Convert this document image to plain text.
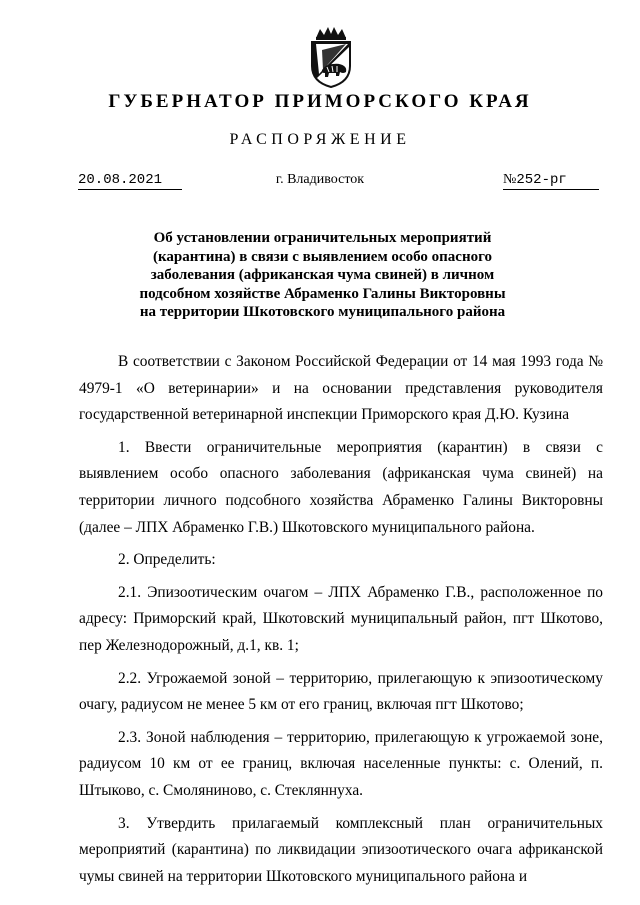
ГУБЕРНАТОР ПРИМОРСКОГО КРАЯ
РАСПОРЯЖЕНИЕ
20.08.2021	г. Владивосток	№252-рг
Об установлении ограничительных мероприятий (карантина) в связи с выявлением особо опасного заболевания (африканская чума свиней) в личном подсобном хозяйстве Абраменко Галины Викторовны на территории Шкотовского муниципального района

В соответствии с Законом Российской Федерации от 14 мая 1993 года № 4979-1 «О ветеринарии» и на основании представления руководителя государственной ветеринарной инспекции Приморского края Д.Ю. Кузина

1. Ввести ограничительные мероприятия (карантин) в связи с выявлением особо опасного заболевания (африканская чума свиней) на территории личного подсобного хозяйства Абраменко Галины Викторовны (далее – ЛПХ Абраменко Г.В.) Шкотовского муниципального района.

2. Определить:

2.1. Эпизоотическим очагом – ЛПХ Абраменко Г.В., расположенное по адресу: Приморский край, Шкотовский муниципальный район, пгт Шкотово, пер Железнодорожный, д.1, кв. 1;

2.2. Угрожаемой зоной – территорию, прилегающую к эпизоотическому очагу, радиусом не менее 5 км от его границ, включая пгт Шкотово;

2.3. Зоной наблюдения – территорию, прилегающую к угрожаемой зоне, радиусом 10 км от ее границ, включая населенные пункты: с. Олений, п. Штыково, с. Смоляниново, с. Стекляннуха.

3. Утвердить прилагаемый комплексный план ограничительных мероприятий (карантина) по ликвидации эпизоотического очага африканской чумы свиней на территории Шкотовского муниципального района и
